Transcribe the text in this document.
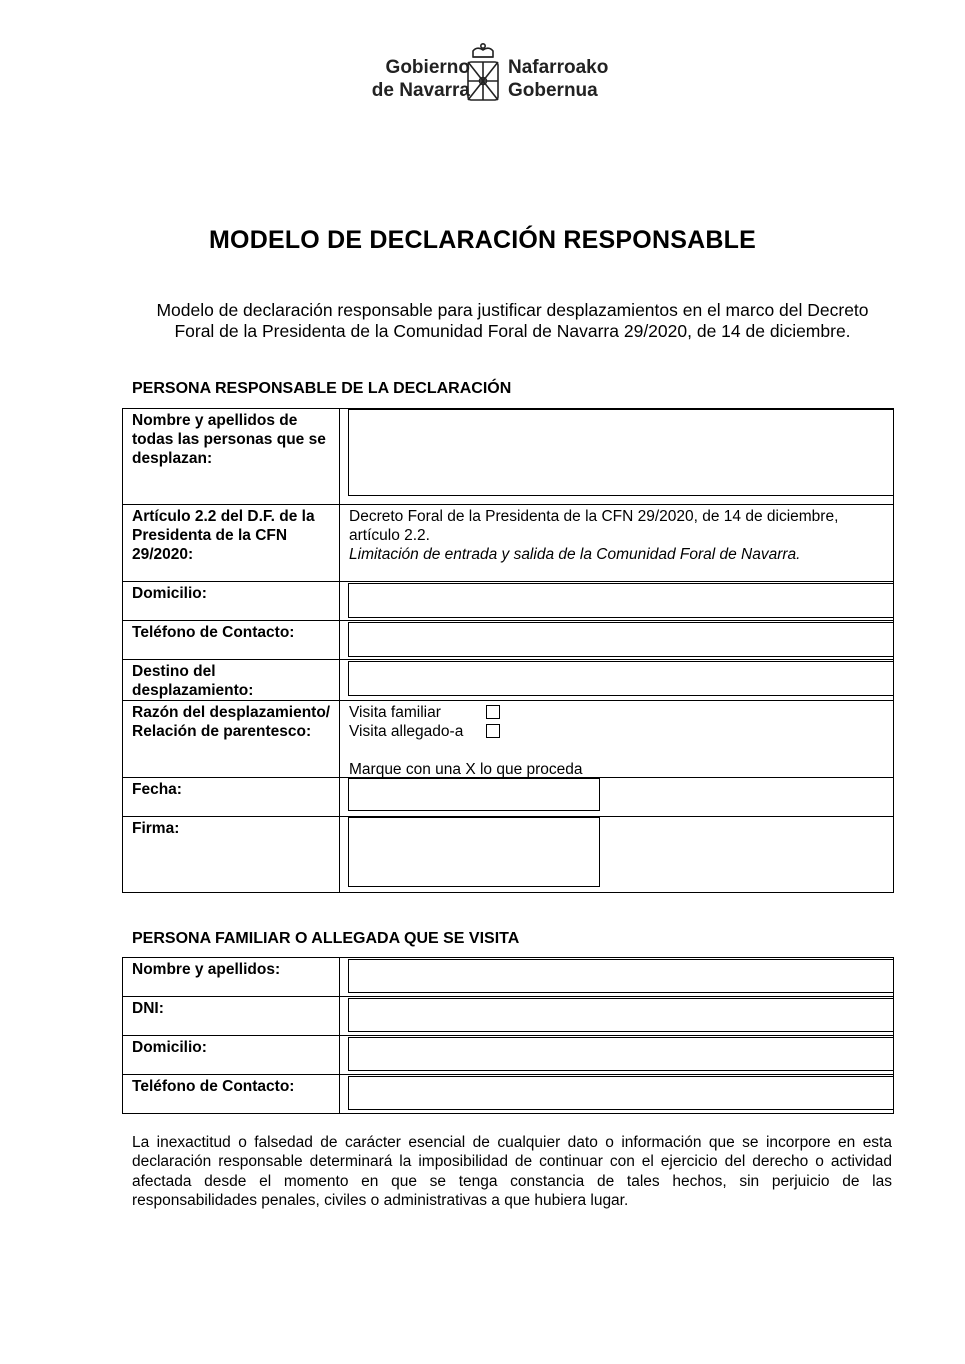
Gobierno
de Navarra
Nafarroako
Gobernua
MODELO DE DECLARACIÓN RESPONSABLE
Modelo de declaración responsable para justificar desplazamientos en el marco del Decreto
Foral de la Presidenta de la Comunidad Foral de Navarra 29/2020, de 14 de diciembre.
PERSONA RESPONSABLE DE LA DECLARACIÓN
Nombre y apellidos de todas las personas que se desplazan:	

Artículo 2.2 del D.F. de la Presidenta de la CFN 29/2020:	Decreto Foral de la Presidenta de la CFN 29/2020, de 14 de diciembre,
artículo 2.2.
Limitación de entrada y salida de la Comunidad Foral de Navarra.

Domicilio:	

Teléfono de Contacto:	

Destino del desplazamiento:	

Razón del desplazamiento/ Relación de parentesco:	Visita familiar
Visita allegado-a
Marque con una X lo que proceda

Fecha:	

Firma:	
PERSONA FAMILIAR O ALLEGADA QUE SE VISITA
Nombre y apellidos:	

DNI:	

Domicilio:	

Teléfono de Contacto:	
La inexactitud o falsedad de carácter esencial de cualquier dato o información que se incorpore en esta declaración responsable determinará la imposibilidad de continuar con el ejercicio del derecho o actividad afectada desde el momento en que se tenga constancia de tales hechos, sin perjuicio de las responsabilidades penales, civiles o administrativas a que hubiera lugar.
